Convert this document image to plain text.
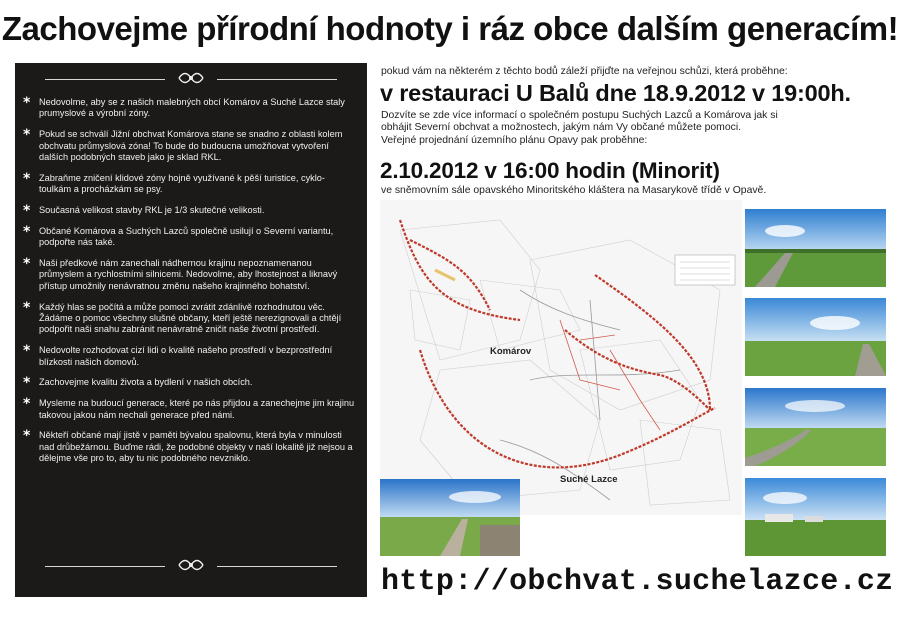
Zachovejme přírodní hodnoty i ráz obce dalším generacím!
* Nedovolme, aby se z našich malebných obcí Komárov a Suché Lazce staly prumyslové a výrobní zóny.
* Pokud se schválí Jižní obchvat Komárova stane se snadno z oblasti kolem obchvatu průmyslová zóna! To bude do budoucna umožňovat vytvoření dalších podobných staveb jako je sklad RKL.
* Zabraňme zničení klidové zóny hojně využívané k pěší turistice, cyklo-toulkám a procházkám se psy.
* Současná velikost stavby RKL je 1/3 skutečné velikosti.
* Občané Komárova a Suchých Lazců společně usilují o Severní variantu, podpořte nás také.
* Naši předkové nám zanechali nádhernou krajinu nepoznamenanou průmyslem a rychlostními silnicemi. Nedovolme, aby lhostejnost a liknavý přístup umožnily nenávratnou změnu našeho krajinného bohatství.
* Každý hlas se počítá a může pomoci zvrátit zdánlivě rozhodnutou věc. Žádáme o pomoc všechny slušné občany, kteří ještě nerezignovali a chtějí podpořit naši snahu zabránit nenávratně zničit naše životní prostředí.
* Nedovolte rozhodovat cizí lidi o kvalitě našeho prostředí v bezprostřední blízkosti našich domovů.
* Zachovejme kvalitu života a bydlení v našich obcích.
* Mysleme na budoucí generace, které po nás přijdou a zanechejme jim krajinu takovou jakou nám nechali generace před námi.
* Někteří občané mají jistě v paměti bývalou spalovnu, která byla v minulosti nad drůbežárnou. Buďme rádi, že podobné objekty v naší lokalitě již nejsou a dělejme vše pro to, aby tu nic podobného nevzniklo.
pokud vám na některém z těchto bodů záleží přijďte na veřejnou schůzi, která proběhne:
v restauraci U Balů dne 18.9.2012 v 19:00h.
Dozvíte se zde více informací o společném postupu Suchých Lazců a Komárova jak si
obhájit Severní obchvat a možnostech, jakým nám Vy občané můžete pomoci.
Veřejné projednání územního plánu Opavy pak proběhne:
2.10.2012 v 16:00 hodin (Minorit)
ve sněmovním sále opavského Minoritského kláštera na Masarykově třídě v Opavě.
Komárov
Suché Lazce
http://obchvat.suchelazce.cz
